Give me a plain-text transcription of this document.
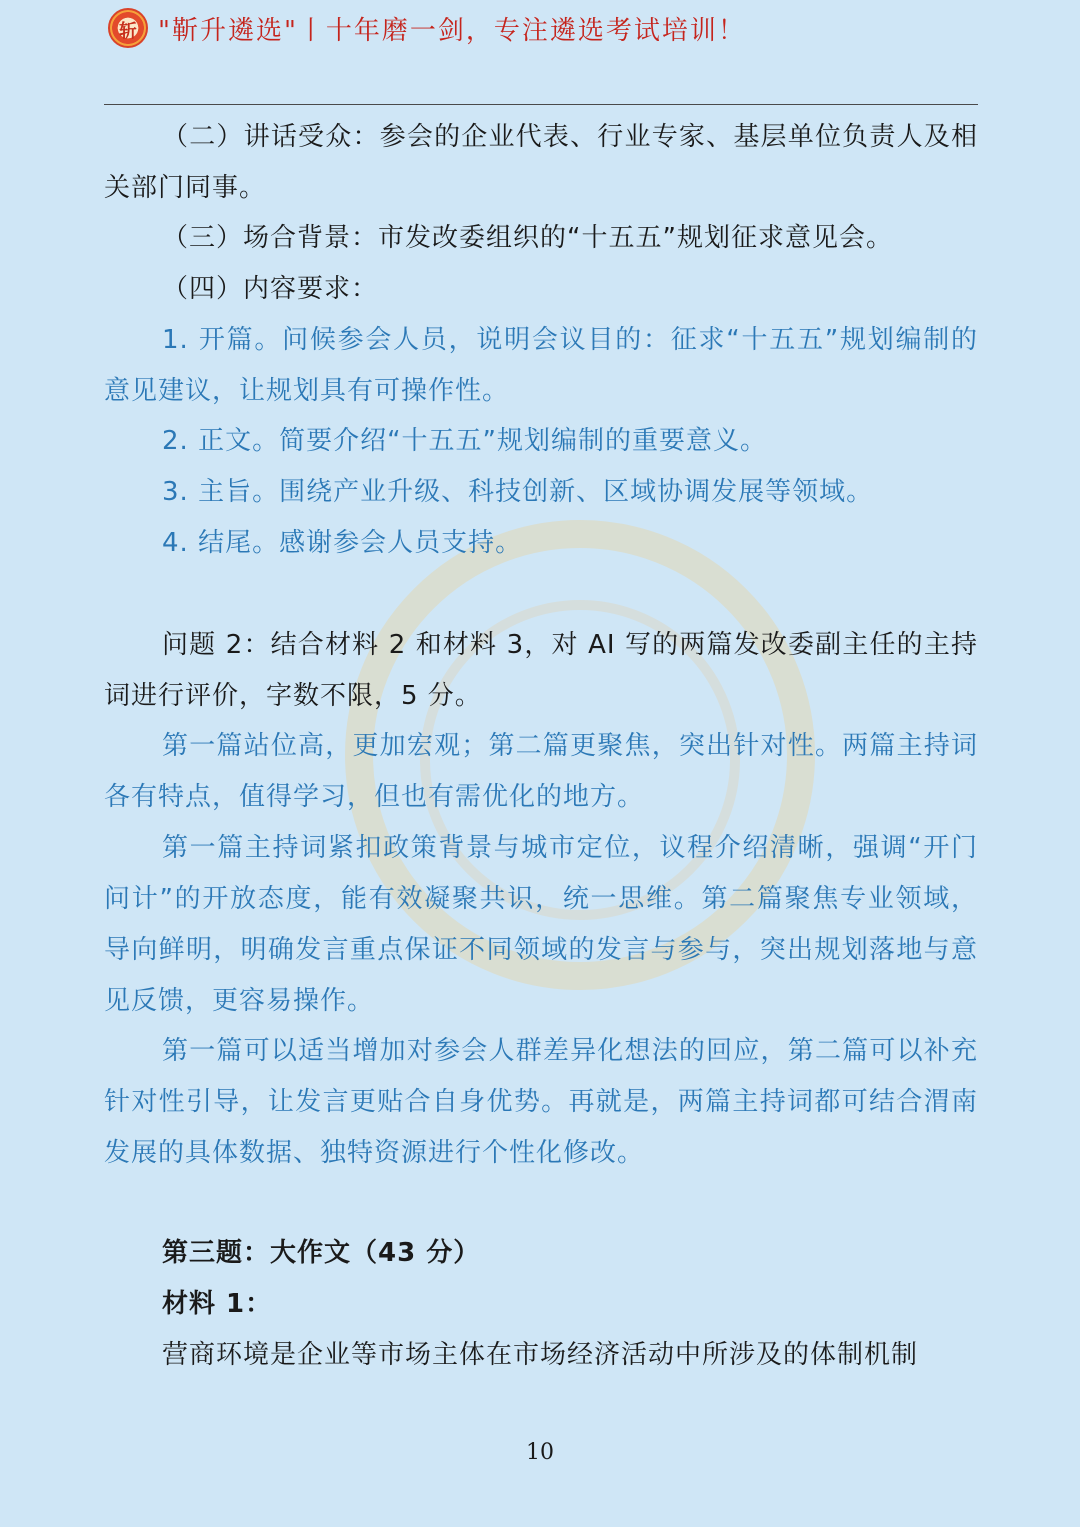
斩 "靳升遴选"丨十年磨一剑，专注遴选考试培训！

（二）讲话受众：参会的企业代表、行业专家、基层单位负责人及相关部门同事。

（三）场合背景：市发改委组织的“十五五”规划征求意见会。

（四）内容要求：

1. 开篇。问候参会人员，说明会议目的：征求“十五五”规划编制的意见建议，让规划具有可操作性。

2. 正文。简要介绍“十五五”规划编制的重要意义。

3. 主旨。围绕产业升级、科技创新、区域协调发展等领域。

4. 结尾。感谢参会人员支持。

问题 2：结合材料 2 和材料 3，对 AI 写的两篇发改委副主任的主持词进行评价，字数不限，5 分。

第一篇站位高，更加宏观；第二篇更聚焦，突出针对性。两篇主持词各有特点，值得学习，但也有需优化的地方。

第一篇主持词紧扣政策背景与城市定位，议程介绍清晰，强调“开门问计”的开放态度，能有效凝聚共识，统一思维。第二篇聚焦专业领域，导向鲜明，明确发言重点保证不同领域的发言与参与，突出规划落地与意见反馈，更容易操作。

第一篇可以适当增加对参会人群差异化想法的回应，第二篇可以补充针对性引导，让发言更贴合自身优势。再就是，两篇主持词都可结合渭南发展的具体数据、独特资源进行个性化修改。

第三题：大作文（43 分）

材料 1：

营商环境是企业等市场主体在市场经济活动中所涉及的体制机制

10
